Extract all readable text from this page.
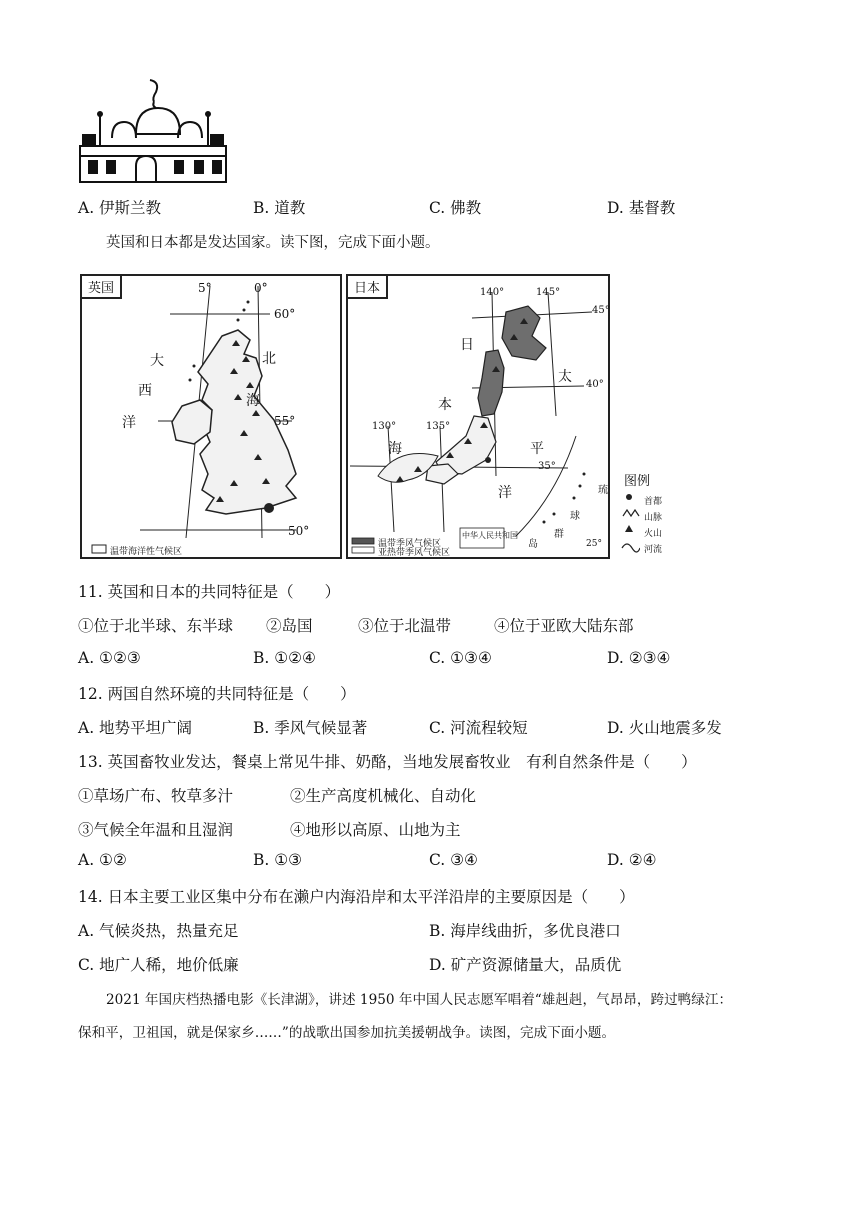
A. 伊斯兰教	B. 道教	C. 佛教	D. 基督教
英国和日本都是发达国家。读下图，完成下面小题。
英国	5°	0°
60°
55°
50°
大
西
洋
北
海
温带海洋性气候区
日本	140°	145°
130°	135°
45°
40°
35°
25°
日
本
海
太
平
洋	琉
球
群
岛
中华人民共和国
温带季风气候区
亚热带季风气候区
图例
首都
山脉
火山
河流
11. 英国和日本的共同特征是（　　）
①位于北半球、东半球 ②岛国	③位于北温带	④位于亚欧大陆东部
A. ①②③	B. ①②④	C. ①③④	D. ②③④
12. 两国自然环境的共同特征是（　　）
A. 地势平坦广阔	B. 季风气候显著	C. 河流程较短	D. 火山地震多发
13. 英国畜牧业发达，餐桌上常见牛排、奶酪，当地发展畜牧业　有利自然条件是（　　）
①草场广布、牧草多汁	②生产高度机械化、自动化
③气候全年温和且湿润	④地形以高原、山地为主
A. ①②	B. ①③	C. ③④	D. ②④
14. 日本主要工业区集中分布在濑户内海沿岸和太平洋沿岸的主要原因是（　　）
A. 气候炎热，热量充足	B. 海岸线曲折，多优良港口
C. 地广人稀，地价低廉	D. 矿产资源储量大，品质优
2021 年国庆档热播电影《长津湖》，讲述 1950 年中国人民志愿军唱着“雄赳赳，气昂昂，跨过鸭绿江：
保和平，卫祖国，就是保家乡……”的战歌出国参加抗美援朝战争。读图，完成下面小题。
